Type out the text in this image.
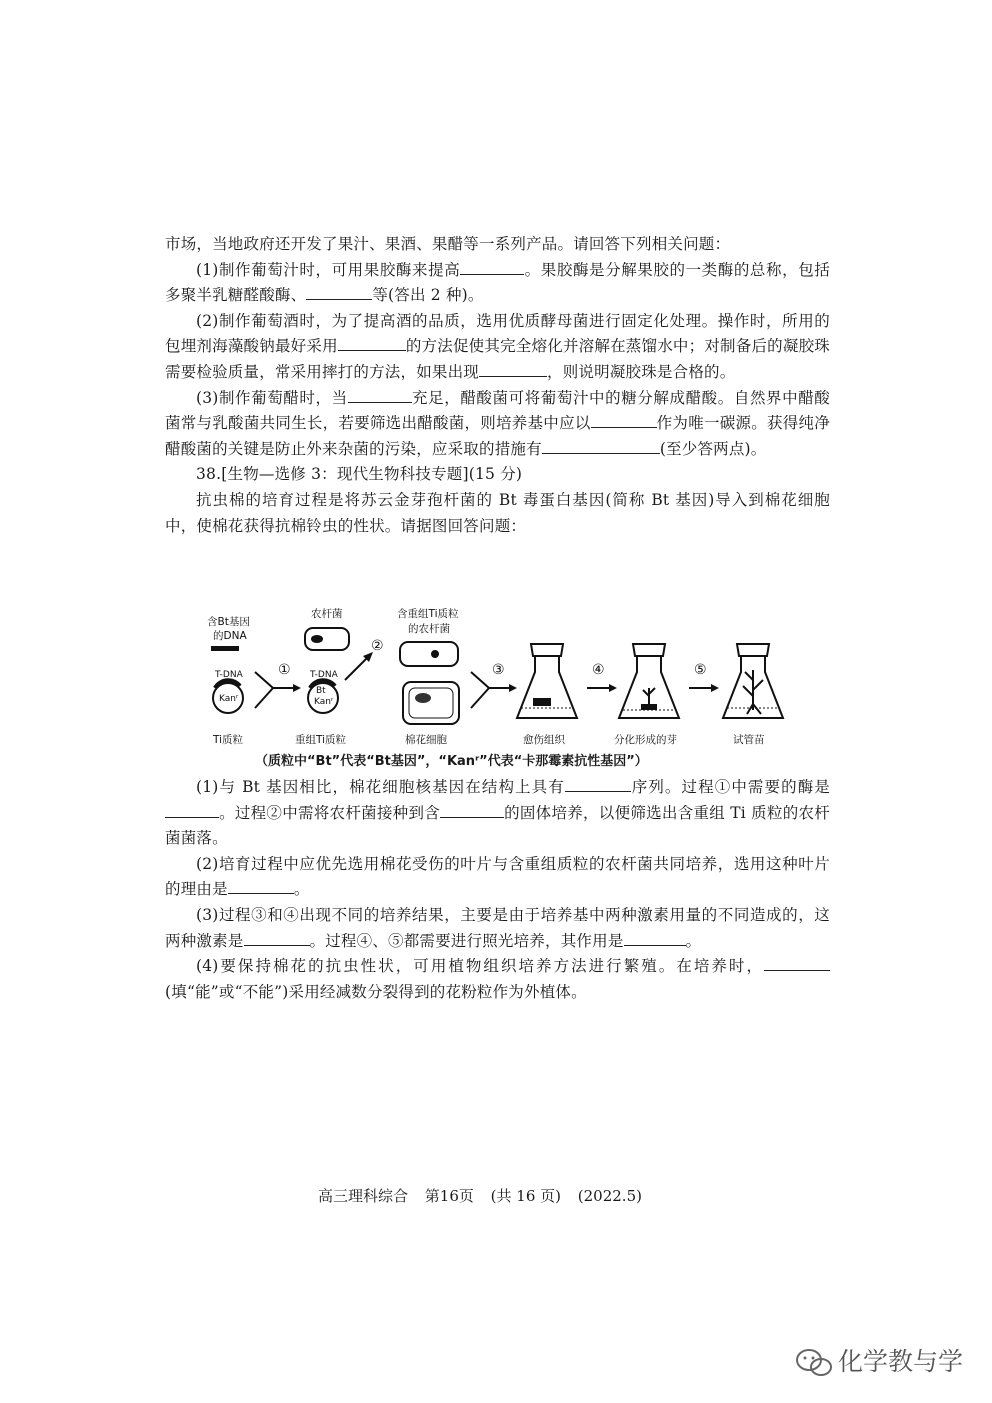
市场，当地政府还开发了果汁、果酒、果醋等一系列产品。请回答下列相关问题：

(1)制作葡萄汁时，可用果胶酶来提高	。果胶酶是分解果胶的一类酶的总称，包括多聚半乳糖醛酸酶、	等(答出 2 种)。

(2)制作葡萄酒时，为了提高酒的品质，选用优质酵母菌进行固定化处理。操作时，所用的包埋剂海藻酸钠最好采用	的方法促使其完全熔化并溶解在蒸馏水中；对制备后的凝胶珠需要检验质量，常采用摔打的方法，如果出现	，则说明凝胶珠是合格的。

(3)制作葡萄醋时，当	充足，醋酸菌可将葡萄汁中的糖分解成醋酸。自然界中醋酸菌常与乳酸菌共同生长，若要筛选出醋酸菌，则培养基中应以	作为唯一碳源。获得纯净醋酸菌的关键是防止外来杂菌的污染，应采取的措施有	(至少答两点)。

38.[生物—选修 3：现代生物科技专题](15 分)

抗虫棉的培育过程是将苏云金芽孢杆菌的 Bt 毒蛋白基因(简称 Bt 基因)导入到棉花细胞中，使棉花获得抗棉铃虫的性状。请据图回答问题：

含Bt基因
的DNA
T-DNA
Kanʳ
T-DNA
Bt
Kanʳ
农杆菌	含重组Ti质粒
的农杆菌
Ti质粒	重组Ti质粒	棉花细胞	愈伤组织	分化形成的芽	试管苗
①
②
③	④	⑤
（质粒中“Bt”代表“Bt基因”，“Kanʳ”代表“卡那霉素抗性基因”）

(1)与 Bt 基因相比，棉花细胞核基因在结构上具有	序列。过程①中需要的酶是。过程②中需将农杆菌接种到含	的固体培养，以便筛选出含重组 Ti 质粒的农杆菌菌落。

(2)培育过程中应优先选用棉花受伤的叶片与含重组质粒的农杆菌共同培养，选用这种叶片的理由是	。

(3)过程③和④出现不同的培养结果，主要是由于培养基中两种激素用量的不同造成的，这两种激素是	。过程④、⑤都需要进行照光培养，其作用是	。

(4)要保持棉花的抗虫性状，可用植物组织培养方法进行繁殖。在培养时，(填“能”或“不能”)采用经减数分裂得到的花粉粒作为外植体。

高三理科综合 第16页 (共 16 页) (2022.5)
化学教与学
